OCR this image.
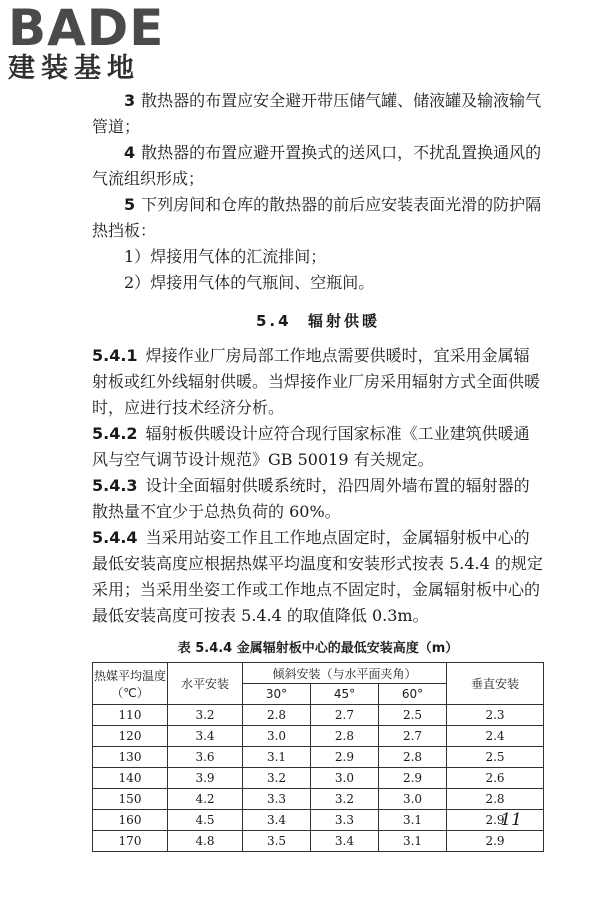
BADE
建装基地

3 散热器的布置应安全避开带压储气罐、储液罐及输液输气管道；

4 散热器的布置应避开置换式的送风口，不扰乱置换通风的气流组织形成；

5 下列房间和仓库的散热器的前后应安装表面光滑的防护隔热挡板：

1）焊接用气体的汇流排间；

2）焊接用气体的气瓶间、空瓶间。

5.4 辐射供暖

5.4.1 焊接作业厂房局部工作地点需要供暖时，宜采用金属辐射板或红外线辐射供暖。当焊接作业厂房采用辐射方式全面供暖时，应进行技术经济分析。

5.4.2 辐射板供暖设计应符合现行国家标准《工业建筑供暖通风与空气调节设计规范》GB 50019 有关规定。

5.4.3 设计全面辐射供暖系统时，沿四周外墙布置的辐射器的散热量不宜少于总热负荷的 60%。

5.4.4 当采用站姿工作且工作地点固定时，金属辐射板中心的最低安装高度应根据热媒平均温度和安装形式按表 5.4.4 的规定采用；当采用坐姿工作或工作地点不固定时，金属辐射板中心的最低安装高度可按表 5.4.4 的取值降低 0.3m。

表 5.4.4 金属辐射板中心的最低安装高度（m）
热媒平均温度（℃）	水平安装	倾斜安装（与水平面夹角）			垂直安装
		30°	45°	60°	
110	3.2	2.8	2.7	2.5	2.3
120	3.4	3.0	2.8	2.7	2.4
130	3.6	3.1	2.9	2.8	2.5
140	3.9	3.2	3.0	2.9	2.6
150	4.2	3.3	3.2	3.0	2.8
160	4.5	3.4	3.3	3.1	2.9
170	4.8	3.5	3.4	3.1	2.9
11
